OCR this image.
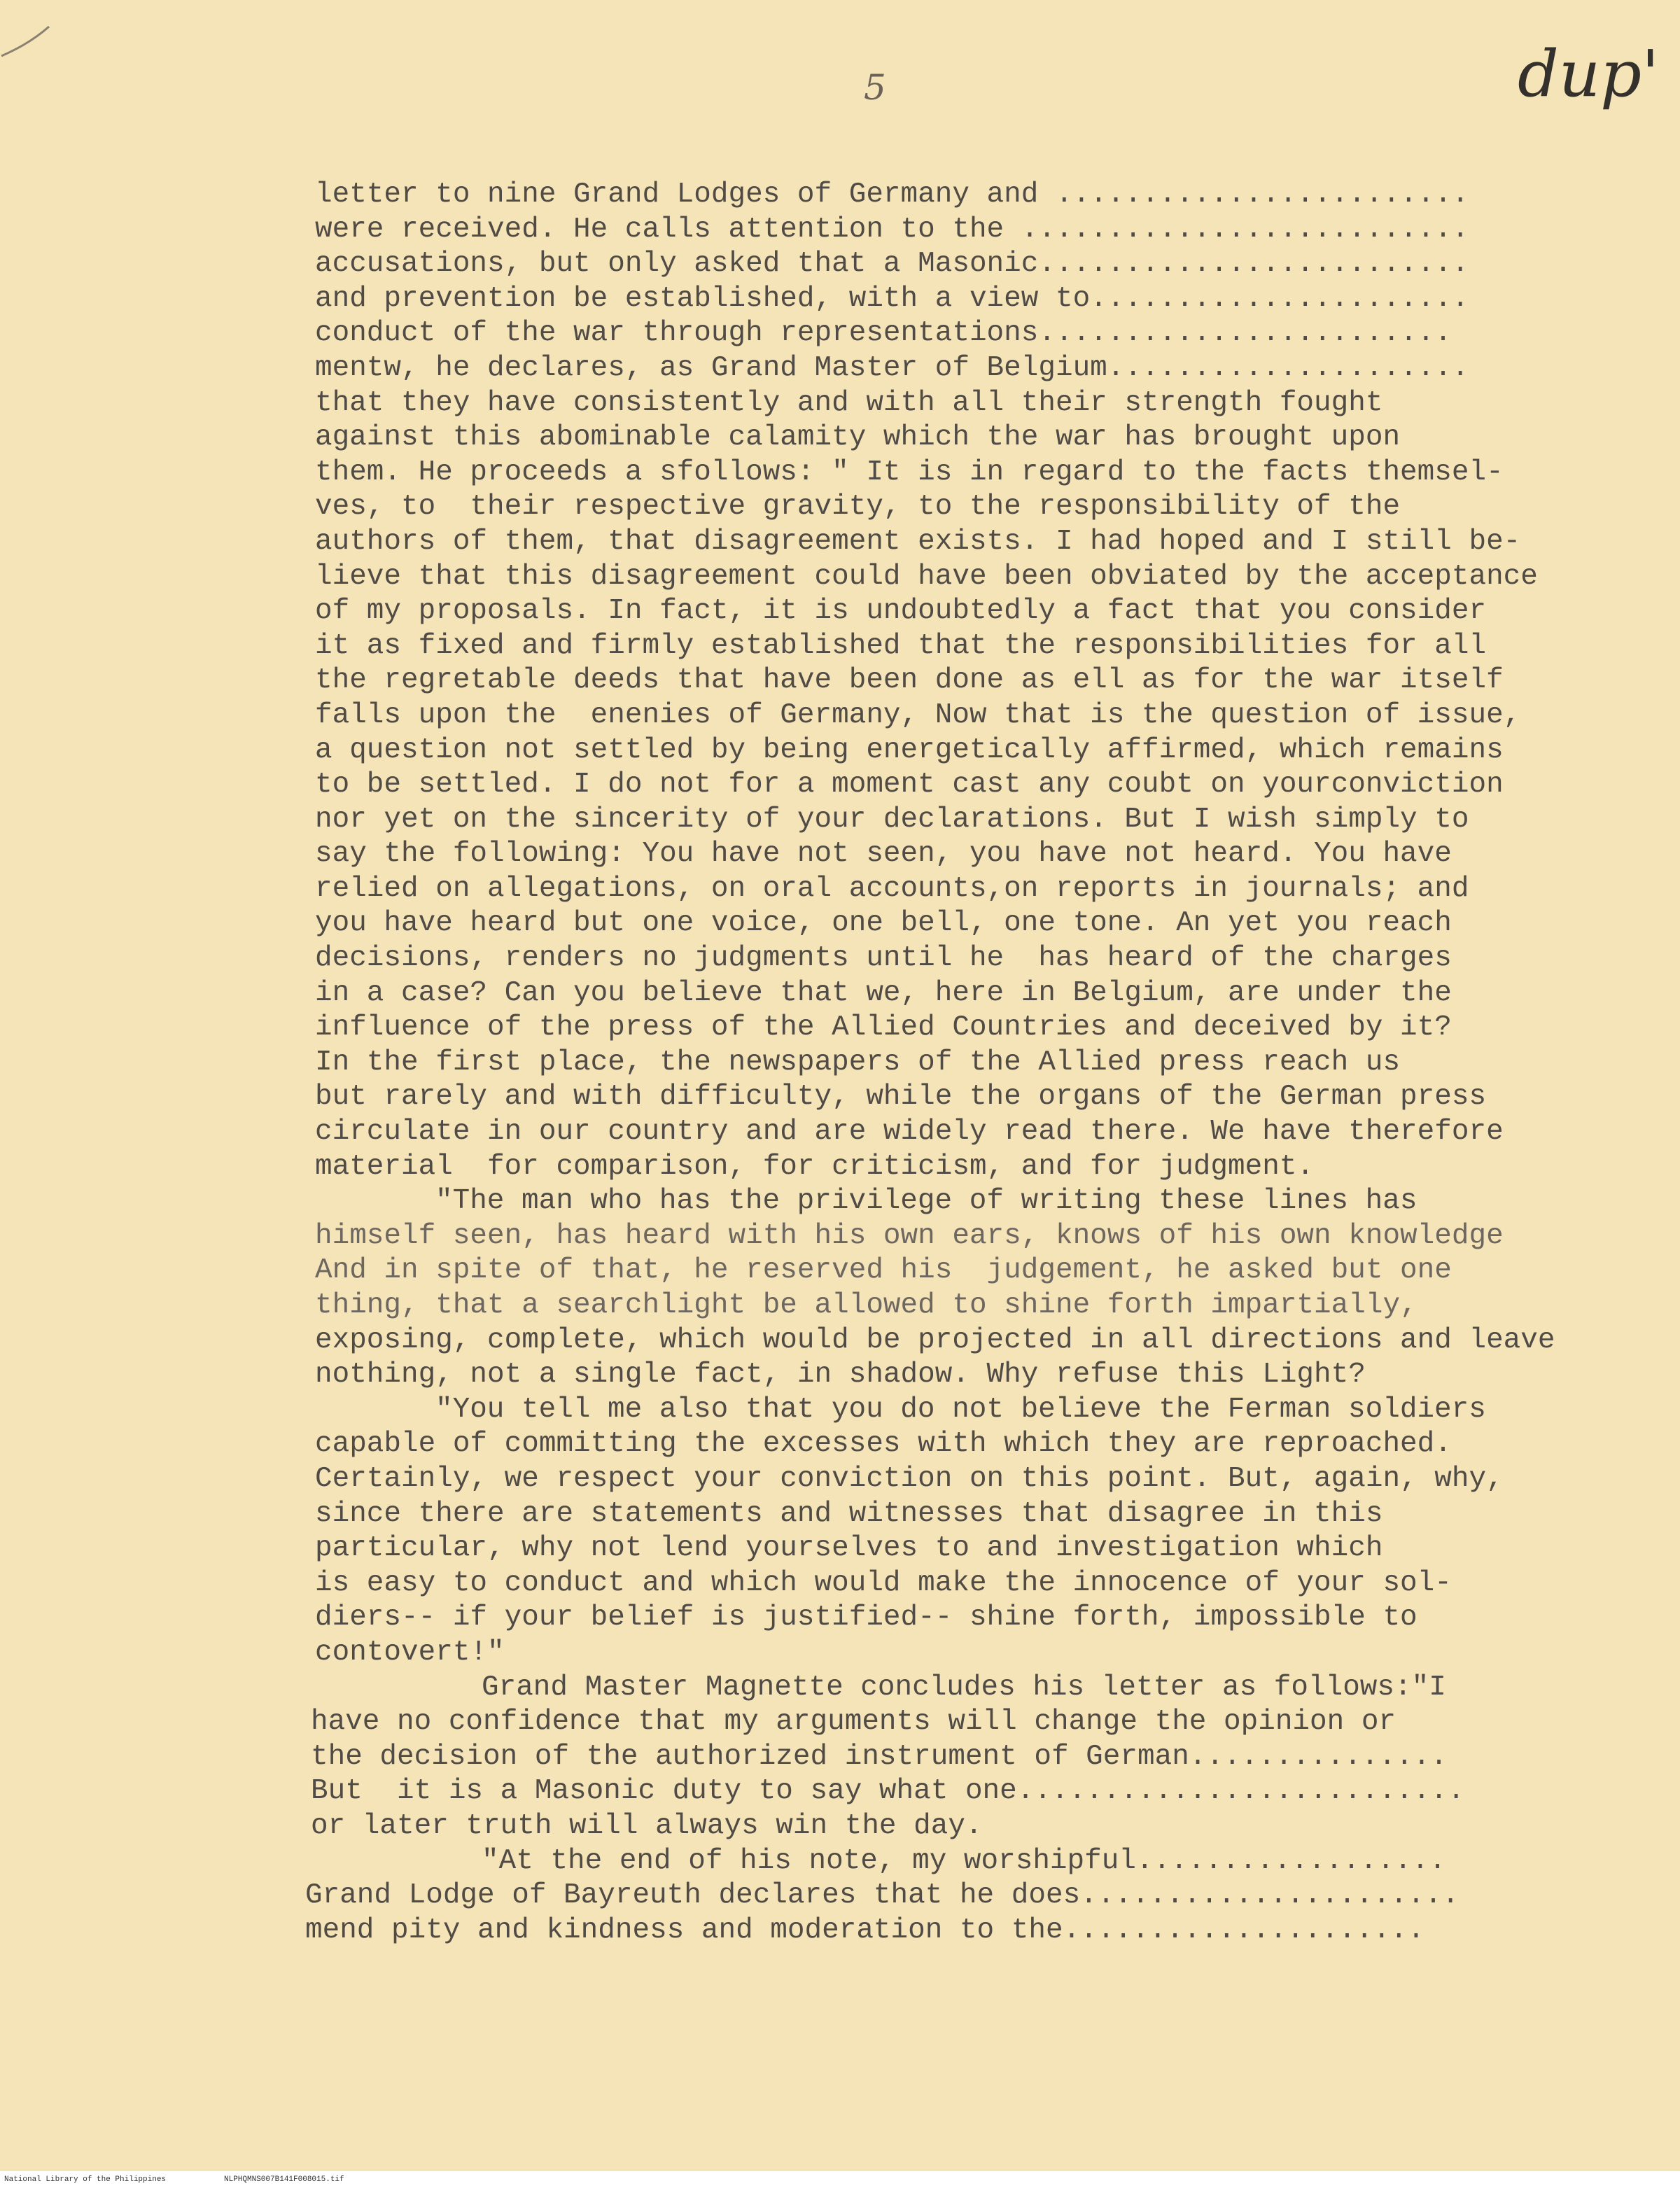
5	dup'
letter to nine Grand Lodges of Germany and ........................
were received. He calls attention to the ..........................
accusations, but only asked that a Masonic.........................
and prevention be established, with a view to......................
conduct of the war through representations........................
mentw, he declares, as Grand Master of Belgium.....................
that they have consistently and with all their strength fought
against this abominable calamity which the war has brought upon
them. He proceeds a sfollows: " It is in regard to the facts themsel-
ves, to  their respective gravity, to the responsibility of the
authors of them, that disagreement exists. I had hoped and I still be-
lieve that this disagreement could have been obviated by the acceptance
of my proposals. In fact, it is undoubtedly a fact that you consider
it as fixed and firmly established that the responsibilities for all
the regretable deeds that have been done as ell as for the war itself
falls upon the  enenies of Germany, Now that is the question of issue,
a question not settled by being energetically affirmed, which remains
to be settled. I do not for a moment cast any coubt on yourconviction
nor yet on the sincerity of your declarations. But I wish simply to
say the following: You have not seen, you have not heard. You have
relied on allegations, on oral accounts,on reports in journals; and
you have heard but one voice, one bell, one tone. An yet you reach
decisions, renders no judgments until he  has heard of the charges
in a case? Can you believe that we, here in Belgium, are under the
influence of the press of the Allied Countries and deceived by it?
In the first place, the newspapers of the Allied press reach us
but rarely and with difficulty, while the organs of the German press
circulate in our country and are widely read there. We have therefore
material  for comparison, for criticism, and for judgment.
"The man who has the privilege of writing these lines has
himself seen, has heard with his own ears, knows of his own knowledge
And in spite of that, he reserved his  judgement, he asked but one
thing, that a searchlight be allowed to shine forth impartially,
exposing, complete, which would be projected in all directions and leave
nothing, not a single fact, in shadow. Why refuse this Light?
"You tell me also that you do not believe the Ferman soldiers
capable of committing the excesses with which they are reproached.
Certainly, we respect your conviction on this point. But, again, why,
since there are statements and witnesses that disagree in this
particular, why not lend yourselves to and investigation which
is easy to conduct and which would make the innocence of your sol-
diers-- if your belief is justified-- shine forth, impossible to
contovert!"
Grand Master Magnette concludes his letter as follows:"I
have no confidence that my arguments will change the opinion or
the decision of the authorized instrument of German...............
But  it is a Masonic duty to say what one..........................
or later truth will always win the day.
"At the end of his note, my worshipful..................
Grand Lodge of Bayreuth declares that he does......................
mend pity and kindness and moderation to the.....................
National Library of the Philippines	NLPHQMNS007B141F008015.tif
